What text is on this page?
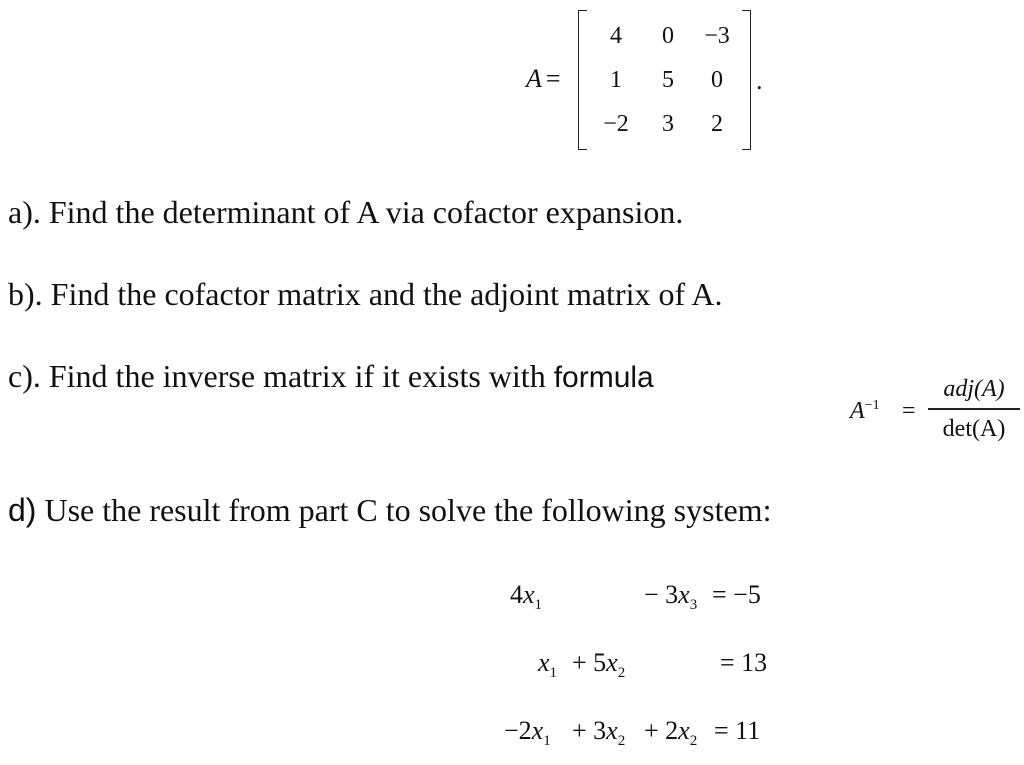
A =
4	0	−3
1	5	0
−2	3	2
.
a). Find the determinant of A via cofactor expansion.
b). Find the cofactor matrix and the adjoint matrix of A.
c). Find the inverse matrix if it exists with formula
$A^{-1}$ =
adj(A)
det(A)
d) Use the result from part C to solve the following system:
$4x_1$	− $3x_3 = -5$
$x_1 + 5x_2$	= 13
$-2x_1 + 3x_2 + 2x_2 = 11$
